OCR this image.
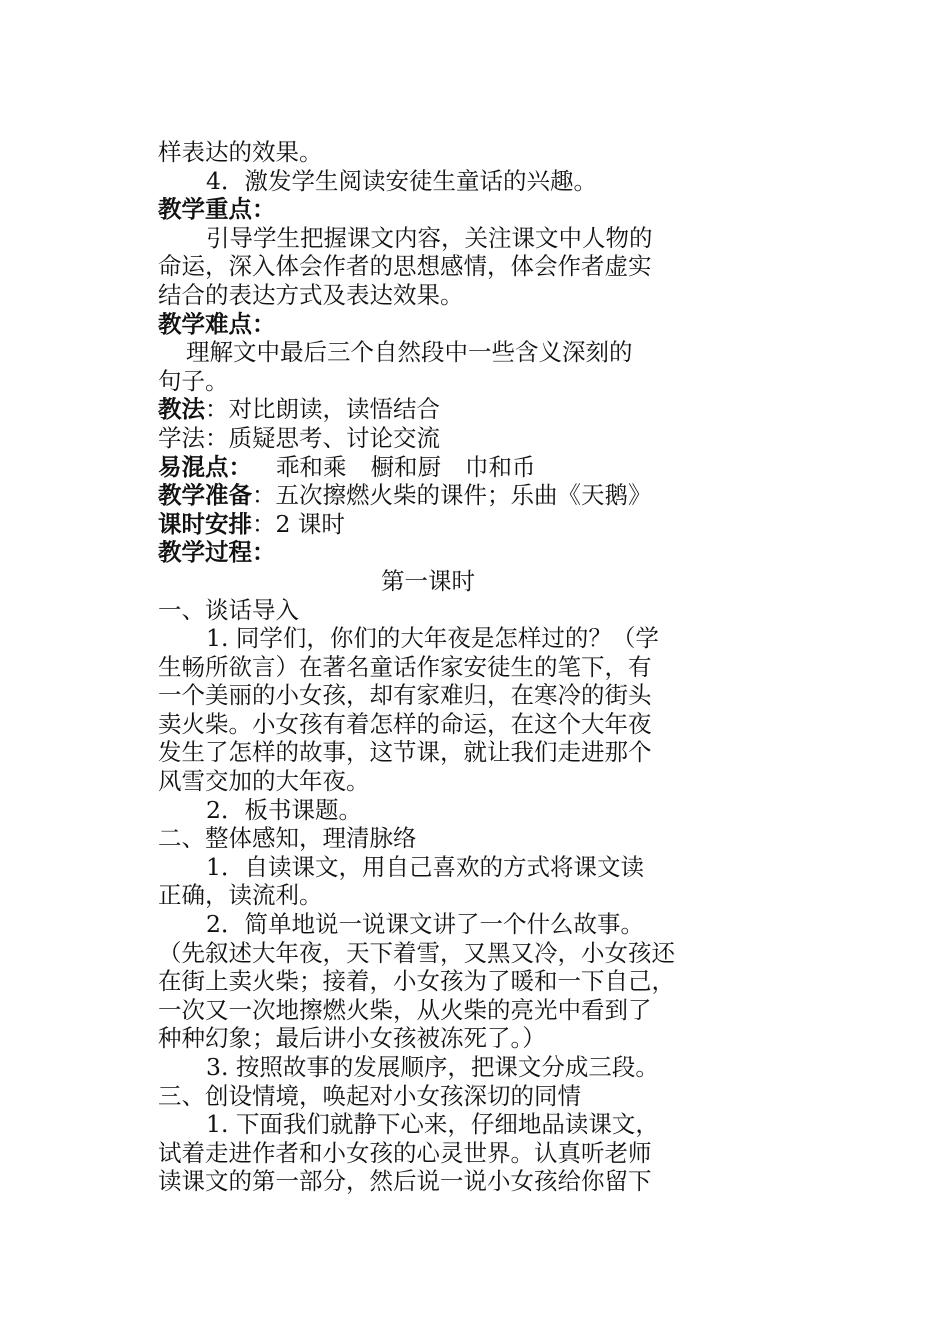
样表达的效果。
4．激发学生阅读安徒生童话的兴趣。
教学重点：
引导学生把握课文内容，关注课文中人物的
命运，深入体会作者的思想感情，体会作者虚实
结合的表达方式及表达效果。
教学难点：
理解文中最后三个自然段中一些含义深刻的
句子。
教法：对比朗读，读悟结合
学法：质疑思考、讨论交流
易混点： 乖和乘 橱和厨 巾和币
教学准备：五次擦燃火柴的课件；乐曲《天鹅》
课时安排：2 课时
教学过程：
第一课时
一、谈话导入
1. 同学们，你们的大年夜是怎样过的？（学
生畅所欲言）在著名童话作家安徒生的笔下，有
一个美丽的小女孩，却有家难归，在寒冷的街头
卖火柴。小女孩有着怎样的命运，在这个大年夜
发生了怎样的故事，这节课，就让我们走进那个
风雪交加的大年夜。
2．板书课题。
二、整体感知，理清脉络
1．自读课文，用自己喜欢的方式将课文读
正确，读流利。
2．简单地说一说课文讲了一个什么故事。
（先叙述大年夜，天下着雪，又黑又冷，小女孩还
在街上卖火柴；接着，小女孩为了暖和一下自己，
一次又一次地擦燃火柴，从火柴的亮光中看到了
种种幻象；最后讲小女孩被冻死了。）
3. 按照故事的发展顺序，把课文分成三段。
三、创设情境，唤起对小女孩深切的同情
1. 下面我们就静下心来，仔细地品读课文，
试着走进作者和小女孩的心灵世界。认真听老师
读课文的第一部分，然后说一说小女孩给你留下
